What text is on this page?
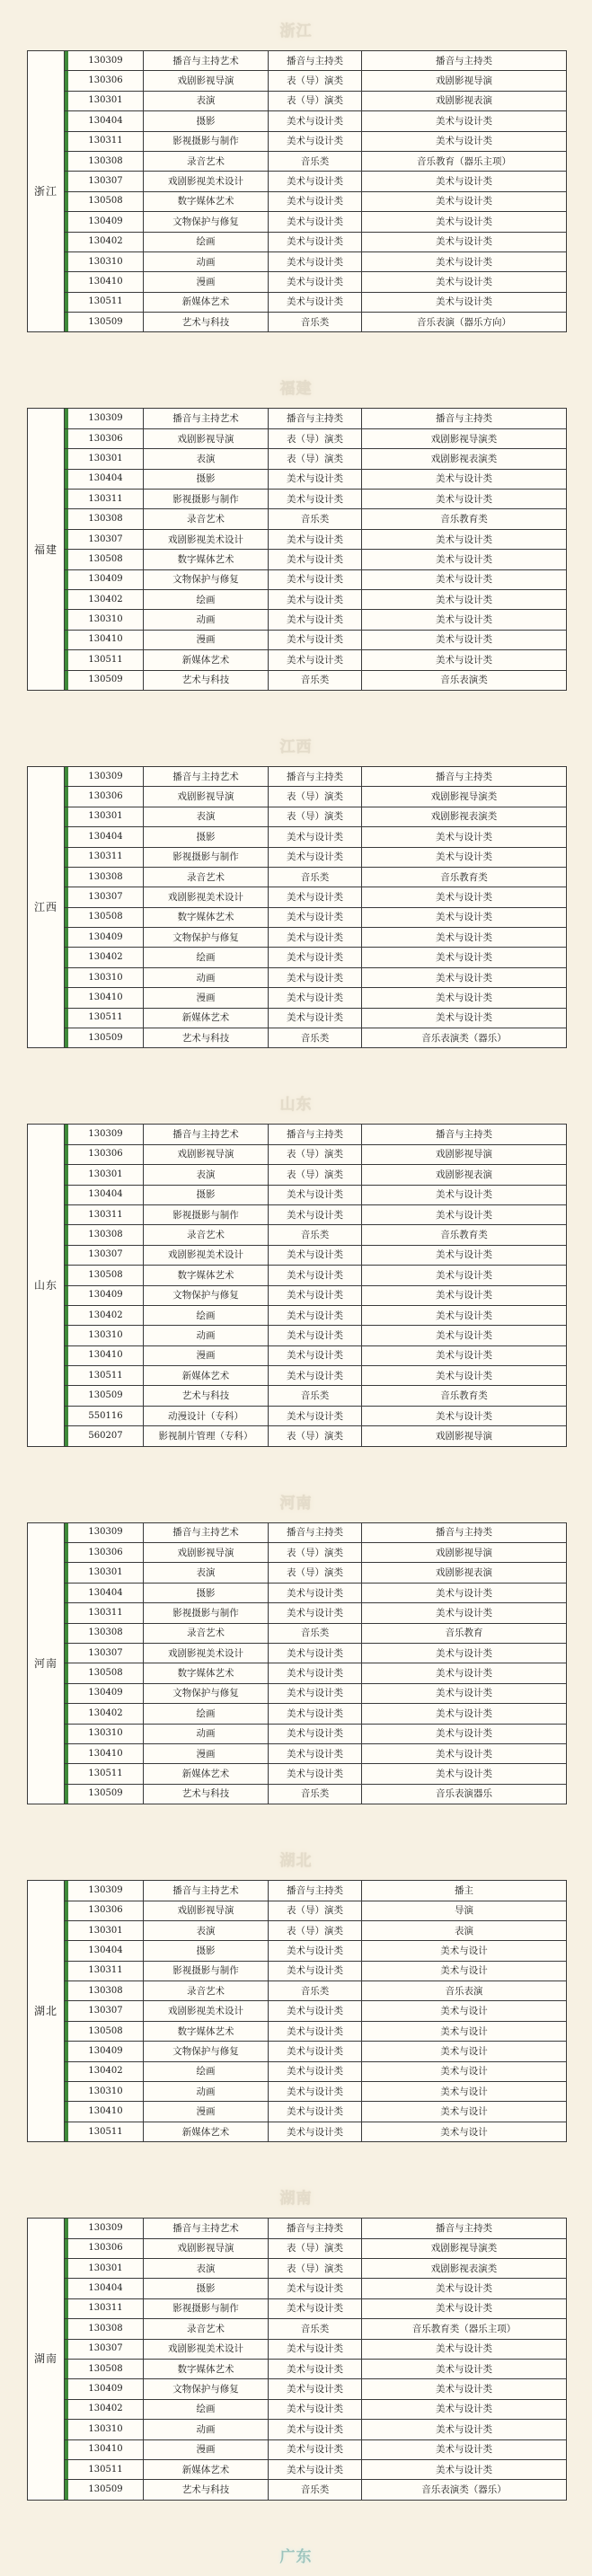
浙江
浙江	130309	播音与主持艺术	播音与主持类	播音与主持类
	130306	戏剧影视导演	表（导）演类	戏剧影视导演
	130301	表演	表（导）演类	戏剧影视表演
	130404	摄影	美术与设计类	美术与设计类
	130311	影视摄影与制作	美术与设计类	美术与设计类
	130308	录音艺术	音乐类	音乐教育（器乐主项）
	130307	戏剧影视美术设计	美术与设计类	美术与设计类
	130508	数字媒体艺术	美术与设计类	美术与设计类
	130409	文物保护与修复	美术与设计类	美术与设计类
	130402	绘画	美术与设计类	美术与设计类
	130310	动画	美术与设计类	美术与设计类
	130410	漫画	美术与设计类	美术与设计类
	130511	新媒体艺术	美术与设计类	美术与设计类
	130509	艺术与科技	音乐类	音乐表演（器乐方向）
福建
福建	130309	播音与主持艺术	播音与主持类	播音与主持类
	130306	戏剧影视导演	表（导）演类	戏剧影视导演类
	130301	表演	表（导）演类	戏剧影视表演类
	130404	摄影	美术与设计类	美术与设计类
	130311	影视摄影与制作	美术与设计类	美术与设计类
	130308	录音艺术	音乐类	音乐教育类
	130307	戏剧影视美术设计	美术与设计类	美术与设计类
	130508	数字媒体艺术	美术与设计类	美术与设计类
	130409	文物保护与修复	美术与设计类	美术与设计类
	130402	绘画	美术与设计类	美术与设计类
	130310	动画	美术与设计类	美术与设计类
	130410	漫画	美术与设计类	美术与设计类
	130511	新媒体艺术	美术与设计类	美术与设计类
	130509	艺术与科技	音乐类	音乐表演类
江西
江西	130309	播音与主持艺术	播音与主持类	播音与主持类
	130306	戏剧影视导演	表（导）演类	戏剧影视导演类
	130301	表演	表（导）演类	戏剧影视表演类
	130404	摄影	美术与设计类	美术与设计类
	130311	影视摄影与制作	美术与设计类	美术与设计类
	130308	录音艺术	音乐类	音乐教育类
	130307	戏剧影视美术设计	美术与设计类	美术与设计类
	130508	数字媒体艺术	美术与设计类	美术与设计类
	130409	文物保护与修复	美术与设计类	美术与设计类
	130402	绘画	美术与设计类	美术与设计类
	130310	动画	美术与设计类	美术与设计类
	130410	漫画	美术与设计类	美术与设计类
	130511	新媒体艺术	美术与设计类	美术与设计类
	130509	艺术与科技	音乐类	音乐表演类（器乐）
山东
山东	130309	播音与主持艺术	播音与主持类	播音与主持类
	130306	戏剧影视导演	表（导）演类	戏剧影视导演
	130301	表演	表（导）演类	戏剧影视表演
	130404	摄影	美术与设计类	美术与设计类
	130311	影视摄影与制作	美术与设计类	美术与设计类
	130308	录音艺术	音乐类	音乐教育类
	130307	戏剧影视美术设计	美术与设计类	美术与设计类
	130508	数字媒体艺术	美术与设计类	美术与设计类
	130409	文物保护与修复	美术与设计类	美术与设计类
	130402	绘画	美术与设计类	美术与设计类
	130310	动画	美术与设计类	美术与设计类
	130410	漫画	美术与设计类	美术与设计类
	130511	新媒体艺术	美术与设计类	美术与设计类
	130509	艺术与科技	音乐类	音乐教育类
	550116	动漫设计（专科）	美术与设计类	美术与设计类
	560207	影视制片管理（专科）	表（导）演类	戏剧影视导演
河南
河南	130309	播音与主持艺术	播音与主持类	播音与主持类
	130306	戏剧影视导演	表（导）演类	戏剧影视导演
	130301	表演	表（导）演类	戏剧影视表演
	130404	摄影	美术与设计类	美术与设计类
	130311	影视摄影与制作	美术与设计类	美术与设计类
	130308	录音艺术	音乐类	音乐教育
	130307	戏剧影视美术设计	美术与设计类	美术与设计类
	130508	数字媒体艺术	美术与设计类	美术与设计类
	130409	文物保护与修复	美术与设计类	美术与设计类
	130402	绘画	美术与设计类	美术与设计类
	130310	动画	美术与设计类	美术与设计类
	130410	漫画	美术与设计类	美术与设计类
	130511	新媒体艺术	美术与设计类	美术与设计类
	130509	艺术与科技	音乐类	音乐表演器乐
湖北
湖北	130309	播音与主持艺术	播音与主持类	播主
	130306	戏剧影视导演	表（导）演类	导演
	130301	表演	表（导）演类	表演
	130404	摄影	美术与设计类	美术与设计
	130311	影视摄影与制作	美术与设计类	美术与设计
	130308	录音艺术	音乐类	音乐表演
	130307	戏剧影视美术设计	美术与设计类	美术与设计
	130508	数字媒体艺术	美术与设计类	美术与设计
	130409	文物保护与修复	美术与设计类	美术与设计
	130402	绘画	美术与设计类	美术与设计
	130310	动画	美术与设计类	美术与设计
	130410	漫画	美术与设计类	美术与设计
	130511	新媒体艺术	美术与设计类	美术与设计
湖南
湖南	130309	播音与主持艺术	播音与主持类	播音与主持类
	130306	戏剧影视导演	表（导）演类	戏剧影视导演类
	130301	表演	表（导）演类	戏剧影视表演类
	130404	摄影	美术与设计类	美术与设计类
	130311	影视摄影与制作	美术与设计类	美术与设计类
	130308	录音艺术	音乐类	音乐教育类（器乐主项）
	130307	戏剧影视美术设计	美术与设计类	美术与设计类
	130508	数字媒体艺术	美术与设计类	美术与设计类
	130409	文物保护与修复	美术与设计类	美术与设计类
	130402	绘画	美术与设计类	美术与设计类
	130310	动画	美术与设计类	美术与设计类
	130410	漫画	美术与设计类	美术与设计类
	130511	新媒体艺术	美术与设计类	美术与设计类
	130509	艺术与科技	音乐类	音乐表演类（器乐）
广东
